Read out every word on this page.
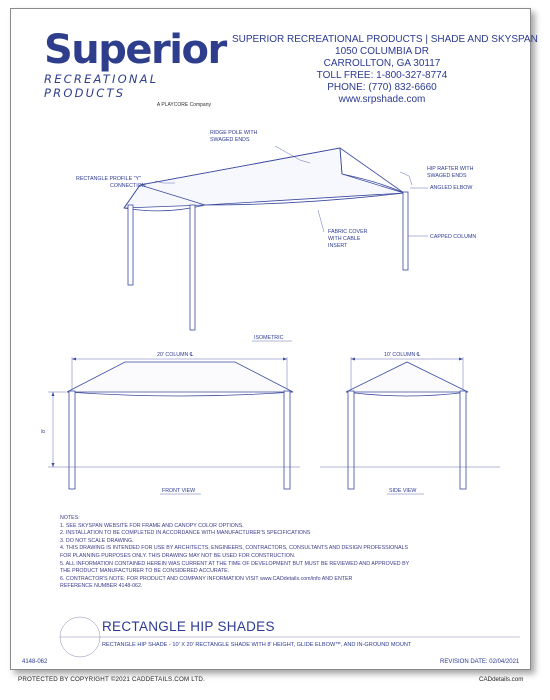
Superior
RECREATIONAL PRODUCTS
A PLAYCORE Company
SUPERIOR RECREATIONAL PRODUCTS | SHADE AND SKYSPAN
1050 COLUMBIA DR
CARROLLTON, GA 30117
TOLL FREE: 1-800-327-8774
PHONE: (770) 832-6660
www.srpshade.com
RIDGE POLE WITH
SWAGED ENDS
RECTANGLE PROFILE "Y"
CONNECTION
HIP RAFTER WITH
SWAGED ENDS
ANGLED ELBOW
FABRIC COVER
WITH CABLE
INSERT
CAPPED COLUMN
ISOMETRIC
20' COLUMN ℄
8'
FRONT VIEW
10' COLUMN ℄
SIDE VIEW
NOTES:
1. SEE SKYSPAN WEBSITE FOR FRAME AND CANOPY COLOR OPTIONS.
2. INSTALLATION TO BE COMPLETED IN ACCORDANCE WITH MANUFACTURER'S SPECIFICATIONS
3. DO NOT SCALE DRAWING.
4. THIS DRAWING IS INTENDED FOR USE BY ARCHITECTS, ENGINEERS, CONTRACTORS, CONSULTANTS AND DESIGN PROFESSIONALS
FOR PLANNING PURPOSES ONLY. THIS DRAWING MAY NOT BE USED FOR CONSTRUCTION.
5. ALL INFORMATION CONTAINED HEREIN WAS CURRENT AT THE TIME OF DEVELOPMENT BUT MUST BE REVIEWED AND APPROVED BY
THE PRODUCT MANUFACTURER TO BE CONSIDERED ACCURATE.
6. CONTRACTOR'S NOTE: FOR PRODUCT AND COMPANY INFORMATION VISIT www.CADdetails.com/info AND ENTER
REFERENCE NUMBER 4148-062.
RECTANGLE HIP SHADES
RECTANGLE HIP SHADE - 10' X 20' RECTANGLE SHADE WITH 8' HEIGHT, GLIDE ELBOW™, AND IN-GROUND MOUNT
4148-062	REVISION DATE: 02/04/2021
PROTECTED BY COPYRIGHT ©2021 CADDETAILS.COM LTD.	CADdetails.com
